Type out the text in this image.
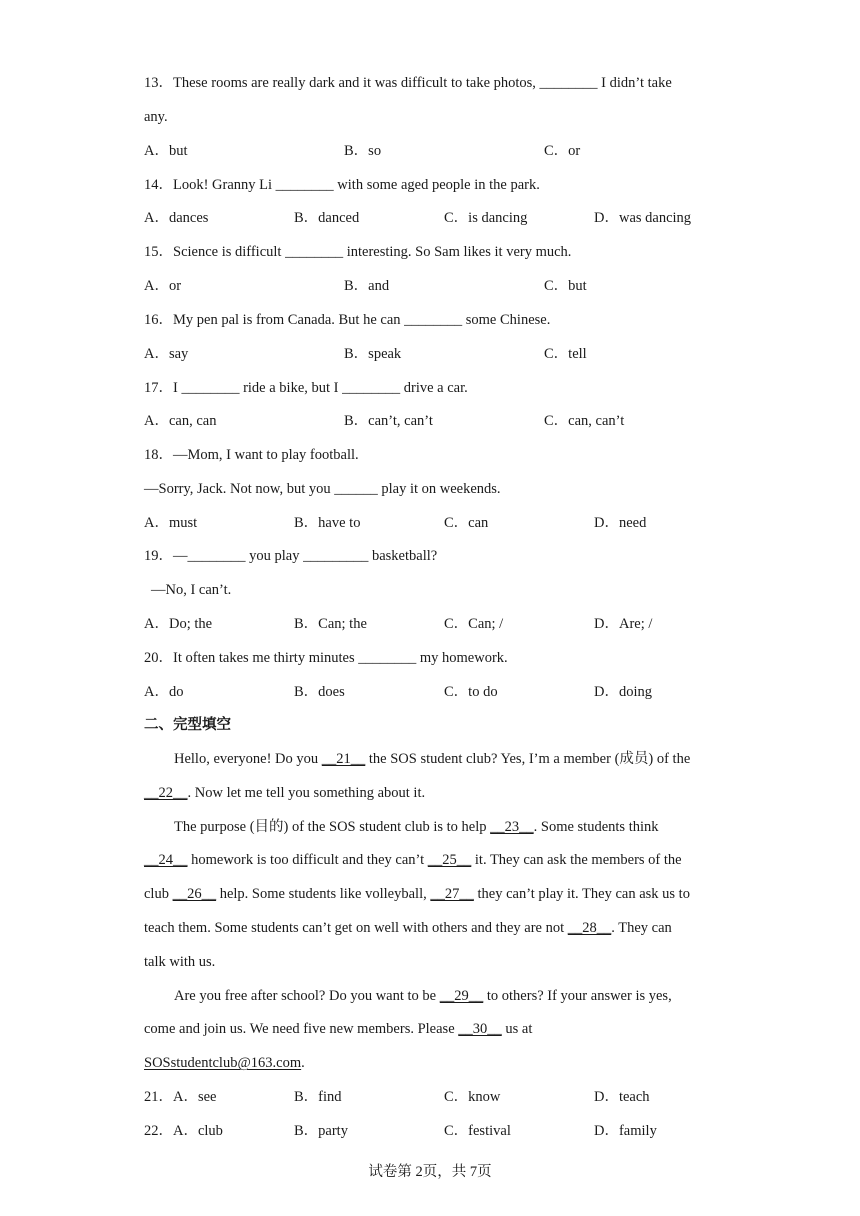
13．These rooms are really dark and it was difficult to take photos, ________ I didn’t take
any.
A．but	B．so	C．or
14．Look! Granny Li ________ with some aged people in the park.
A．dances	B．danced	C．is dancing	D．was dancing
15．Science is difficult ________ interesting. So Sam likes it very much.
A．or	B．and	C．but
16．My pen pal is from Canada. But he can ________ some Chinese.
A．say	B．speak	C．tell
17．I ________ ride a bike, but I ________ drive a car.
A．can, can	B．can’t, can’t	C．can, can’t
18．—Mom, I want to play football.
—Sorry, Jack. Not now, but you ______ play it on weekends.
A．must	B．have to	C．can	D．need
19．—________ you play _________ basketball?
—No, I can’t.
A．Do; the	B．Can; the	C．Can; /	D．Are; /
20．It often takes me thirty minutes ________ my homework.
A．do	B．does	C．to do	D．doing
二、完型填空
Hello, everyone! Do you __21__ the SOS student club? Yes, I’m a member (成员) of the
__22__. Now let me tell you something about it.
The purpose (目的) of the SOS student club is to help __23__. Some students think
__24__ homework is too difficult and they can’t __25__ it. They can ask the members of the
club __26__ help. Some students like volleyball, __27__ they can’t play it. They can ask us to
teach them. Some students can’t get on well with others and they are not __28__. They can
talk with us.
Are you free after school? Do you want to be __29__ to others? If your answer is yes,
come and join us. We need five new members. Please __30__ us at
SOSstudentclub@163.com.
21．A．see	B．find	C．know	D．teach
22．A．club	B．party	C．festival	D．family
试卷第 2页，共 7页
